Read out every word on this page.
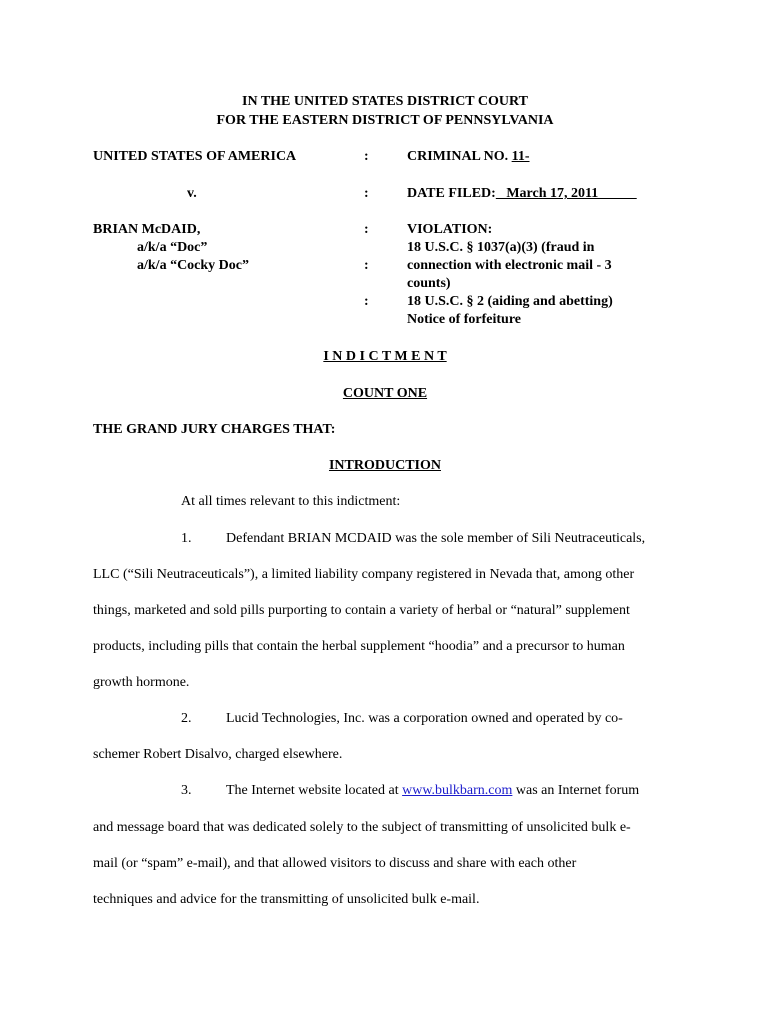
IN THE UNITED STATES DISTRICT COURT
FOR THE EASTERN DISTRICT OF PENNSYLVANIA
UNITED STATES OF AMERICA
v.
BRIAN McDAID,
a/k/a “Doc”
a/k/a “Cocky Doc”
:
:
:
:
:
CRIMINAL NO. 11-
DATE FILED:   March 17, 2011
VIOLATION:
18 U.S.C. § 1037(a)(3) (fraud in
connection with electronic mail - 3
counts)
18 U.S.C. § 2 (aiding and abetting)
Notice of forfeiture
I N D I C T M E N T
COUNT ONE
THE GRAND JURY CHARGES THAT:
INTRODUCTION
At all times relevant to this indictment:
1. Defendant BRIAN MCDAID was the sole member of Sili Neutraceuticals,
LLC (“Sili Neutraceuticals”), a limited liability company registered in Nevada that, among other
things, marketed and sold pills purporting to contain a variety of herbal or “natural” supplement
products, including pills that contain the herbal supplement “hoodia” and a precursor to human
growth hormone.
2. Lucid Technologies, Inc. was a corporation owned and operated by co-
schemer Robert Disalvo, charged elsewhere.
3. The Internet website located at www.bulkbarn.com was an Internet forum
and message board that was dedicated solely to the subject of transmitting of unsolicited bulk e-
mail (or “spam” e-mail), and that allowed visitors to discuss and share with each other
techniques and advice for the transmitting of unsolicited bulk e-mail.
